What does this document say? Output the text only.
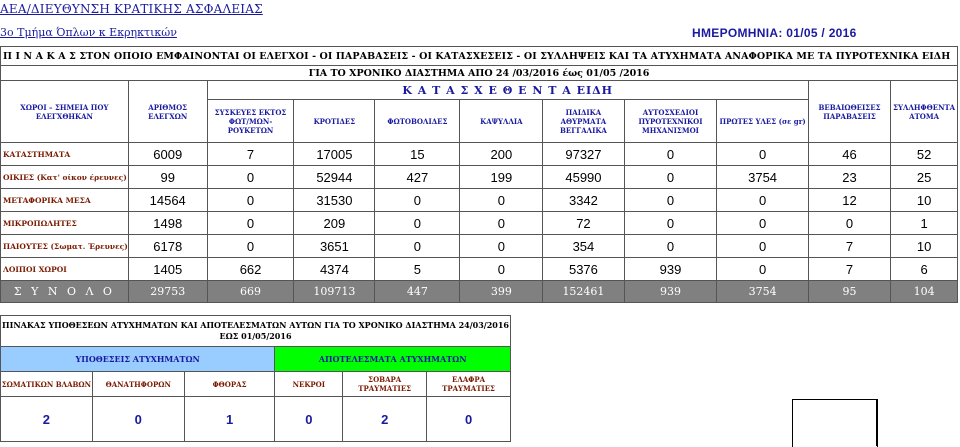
ΑΕΑ/ΔΙΕΥΘΥΝΣΗ ΚΡΑΤΙΚΗΣ ΑΣΦΑΛΕΙΑΣ
3ο Τμήμα Όπλων κ Εκρηκτικών	ΗΜΕΡΟΜΗΝΙΑ: 01/05 / 2016
Π Ι Ν Α Κ Α Σ ΣΤΟΝ ΟΠΟΙΟ ΕΜΦΑΙΝΟΝΤΑΙ ΟΙ ΕΛΕΓΧΟΙ - ΟΙ ΠΑΡΑΒΑΣΕΙΣ - ΟΙ ΚΑΤΑΣΧΕΣΕΙΣ - ΟΙ ΣΥΛΛΗΨΕΙΣ ΚΑΙ ΤΑ ΑΤΥΧΗΜΑΤΑ ΑΝΑΦΟΡΙΚΑ ΜΕ ΤΑ ΠΥΡΟΤΕΧΝΙΚΑ ΕΙΔΗ										
ΓΙΑ ΤΟ ΧΡΟΝΙΚΟ ΔΙΑΣΤΗΜΑ ΑΠΟ 24 /03/2016 έως 01/05 /2016										
ΧΩΡΟΙ – ΣΗΜΕΙΑ ΠΟΥ ΕΛΕΓΧΘΗΚΑΝ	ΑΡΙΘΜΟΣ ΕΛΕΓΧΩΝ	Κ Α Τ Α Σ Χ Ε Θ Ε Ν Τ Α ΕΙΔΗ							ΒΕΒΑΙΩΘΕΙΣΕΣ ΠΑΡΑΒΑΣΕΙΣ	ΣΥΛΛΗΦΘΕΝΤΑ ΑΤΟΜΑ
		ΣΥΣΚΕΥΕΣ ΕΚΤΟΣ ΦΩΤ/ΜΩΝ-ΡΟΥΚΕΤΩΝ	ΚΡΟΤΙΔΕΣ	ΦΩΤΟΒΟΛΙΔΕΣ	ΚΑΨΥΛΛΙΑ	ΠΑΙΔΙΚΑ ΑΘΥΡΜΑΤΑ ΒΕΓΓΑΛΙΚΑ	ΑΥΤΟΣΧΕΔΙΟΙ ΠΥΡΟΤΕΧΝΙΚΟΙ ΜΗΧΑΝΙΣΜΟΙ	ΠΡΩΤΕΣ ΥΛΕΣ (σε gr)		
ΚΑΤΑΣΤΗΜΑΤΑ	6009	7	17005	15	200	97327	0	0	46	52
ΟΙΚΙΕΣ (Κατ' οίκον έρευνες)	99	0	52944	427	199	45990	0	3754	23	25
ΜΕΤΑΦΟΡΙΚΑ ΜΕΣΑ	14564	0	31530	0	0	3342	0	0	12	10
ΜΙΚΡΟΠΩΛΗΤΕΣ	1498	0	209	0	0	72	0	0	0	1
ΠΑΙΟΥΤΕΣ (Σωματ. Έρευνες)	6178	0	3651	0	0	354	0	0	7	10
ΛΟΙΠΟΙ ΧΩΡΟΙ	1405	662	4374	5	0	5376	939	0	7	6
Σ Υ Ν Ο Λ Ο	29753	669	109713	447	399	152461	939	3754	95	104
ΠΙΝΑΚΑΣ ΥΠΟΘΕΣΕΩΝ ΑΤΥΧΗΜΑΤΩΝ ΚΑΙ ΑΠΟΤΕΛΕΣΜΑΤΩΝ ΑΥΤΩΝ ΓΙΑ ΤΟ ΧΡΟΝΙΚΟ ΔΙΑΣΤΗΜΑ 24/03/2016 ΕΩΣ 01/05/2016					
ΥΠΟΘΕΣΕΙΣ ΑΤΥΧΗΜΑΤΩΝ			ΑΠΟΤΕΛΕΣΜΑΤΑ ΑΤΥΧΗΜΑΤΩΝ		
ΣΩΜΑΤΙΚΩΝ ΒΛΑΒΩΝ	ΘΑΝΑΤΗΦΟΡΩΝ	ΦΘΟΡΑΣ	ΝΕΚΡΟΙ	ΣΟΒΑΡΑ ΤΡΑΥΜΑΤΙΕΣ	ΕΛΑΦΡΑ ΤΡΑΥΜΑΤΙΕΣ
2	0	1	0	2	0
